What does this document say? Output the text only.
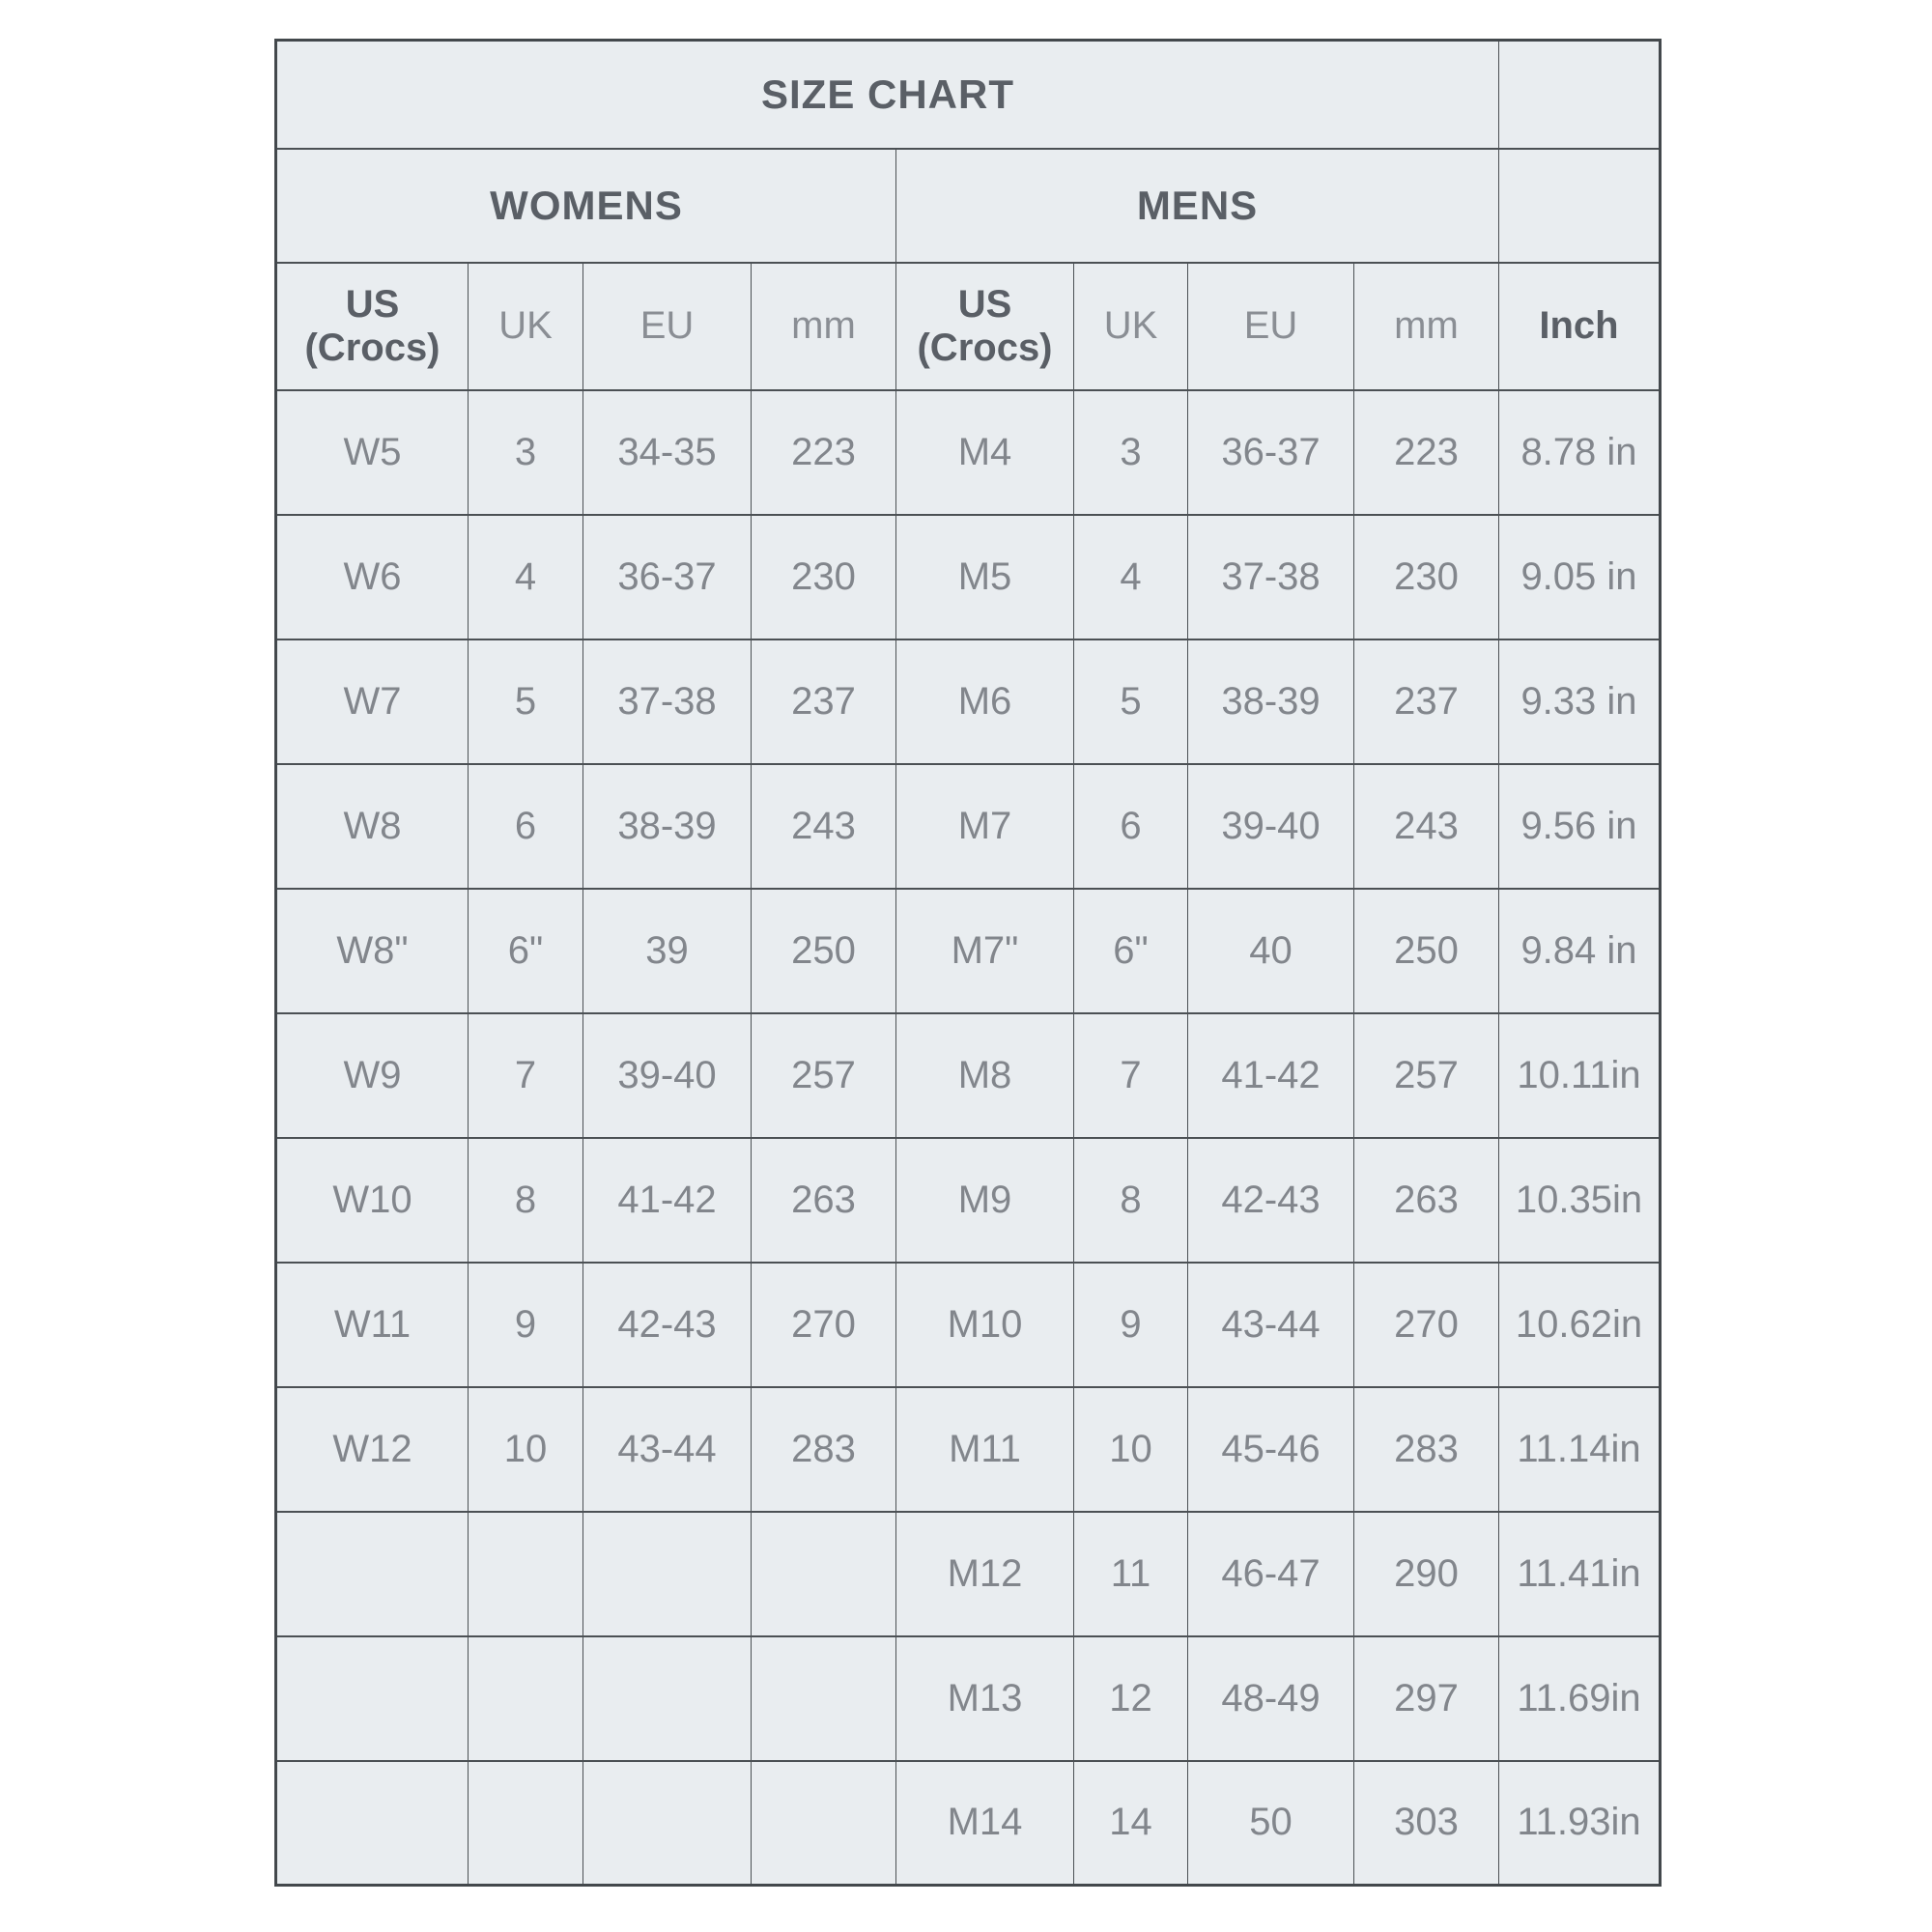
SIZE CHART								
WOMENS				MENS				
US (Crocs)	UK	EU	mm	US (Crocs)	UK	EU	mm	Inch
W5	3	34-35	223	M4	3	36-37	223	8.78 in
W6	4	36-37	230	M5	4	37-38	230	9.05 in
W7	5	37-38	237	M6	5	38-39	237	9.33 in
W8	6	38-39	243	M7	6	39-40	243	9.56 in
W8"	6"	39	250	M7"	6"	40	250	9.84 in
W9	7	39-40	257	M8	7	41-42	257	10.11in
W10	8	41-42	263	M9	8	42-43	263	10.35in
W11	9	42-43	270	M10	9	43-44	270	10.62in
W12	10	43-44	283	M11	10	45-46	283	11.14in
				M12	11	46-47	290	11.41in
				M13	12	48-49	297	11.69in
				M14	14	50	303	11.93in
